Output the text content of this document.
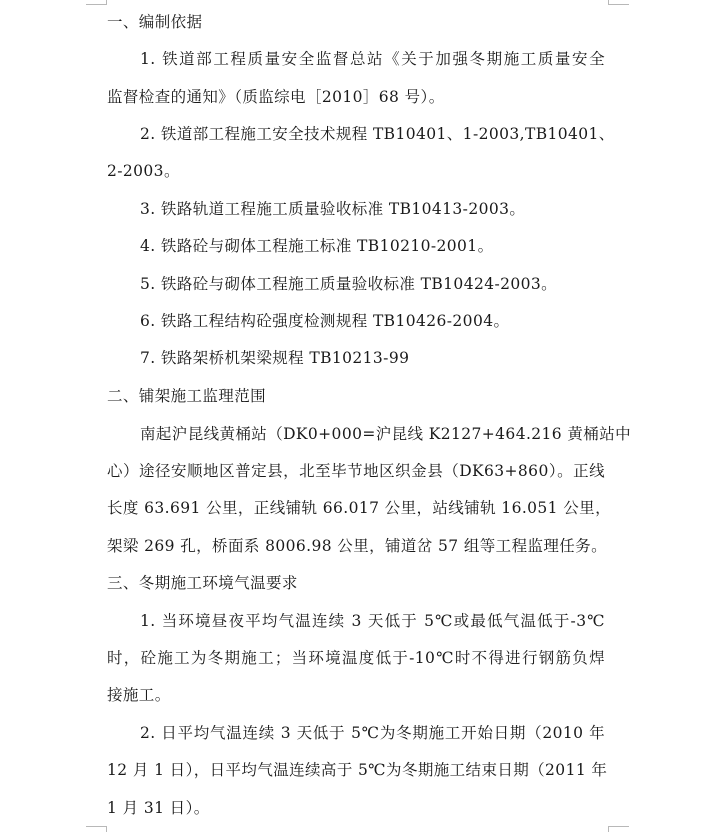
一、编制依据
1. 铁道部工程质量安全监督总站《关于加强冬期施工质量安全
监督检查的通知》（质监综电［2010］68 号）。
2. 铁道部工程施工安全技术规程 TB10401、1-2003,TB10401、
2-2003。
3. 铁路轨道工程施工质量验收标准 TB10413-2003。
4. 铁路砼与砌体工程施工标准 TB10210-2001。
5. 铁路砼与砌体工程施工质量验收标准 TB10424-2003。
6. 铁路工程结构砼强度检测规程 TB10426-2004。
7. 铁路架桥机架梁规程 TB10213-99
二、铺架施工监理范围
南起沪昆线黄桶站（DK0+000=沪昆线 K2127+464.216 黄桶站中
心）途径安顺地区普定县，北至毕节地区织金县（DK63+860）。正线
长度 63.691 公里，正线铺轨 66.017 公里，站线铺轨 16.051 公里，
架梁 269 孔，桥面系 8006.98 公里，铺道岔 57 组等工程监理任务。
三、冬期施工环境气温要求
1. 当环境昼夜平均气温连续 3 天低于 5℃或最低气温低于-3℃
时，砼施工为冬期施工；当环境温度低于-10℃时不得进行钢筋负焊
接施工。
2. 日平均气温连续 3 天低于 5℃为冬期施工开始日期（2010 年
12 月 1 日），日平均气温连续高于 5℃为冬期施工结束日期（2011 年
1 月 31 日）。
